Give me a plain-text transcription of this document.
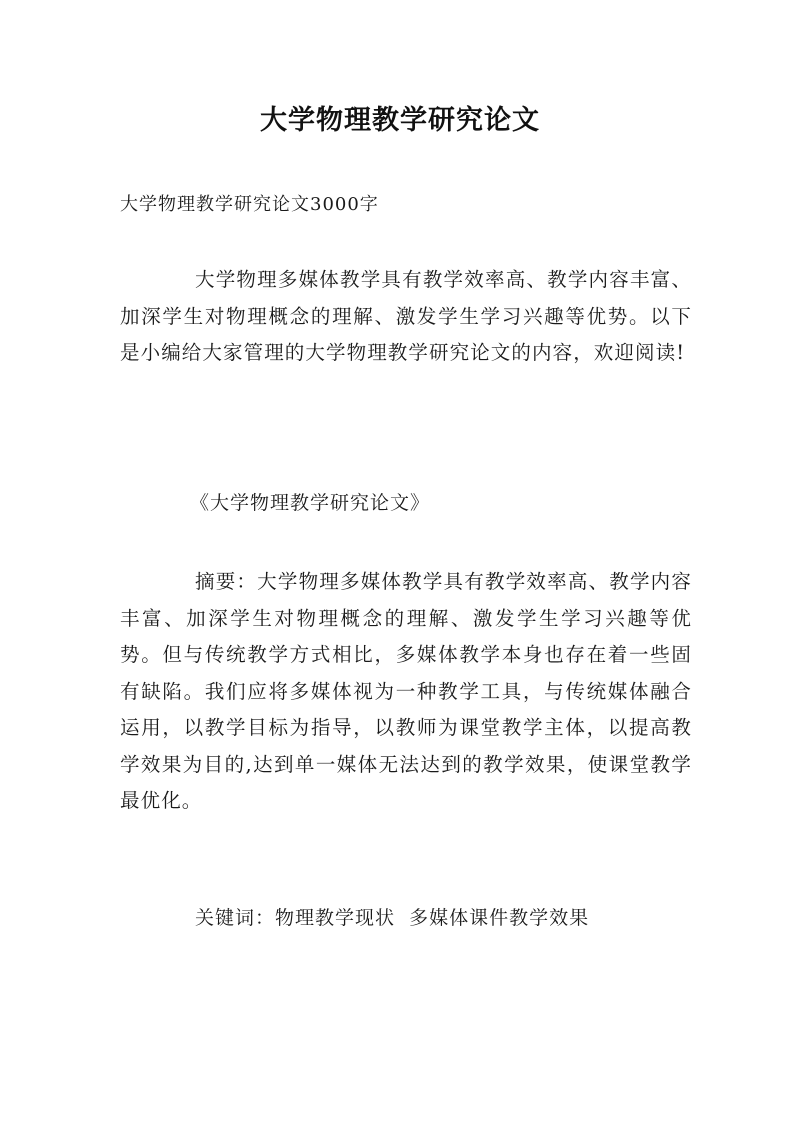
大学物理教学研究论文
大学物理教学研究论文3000字

大学物理多媒体教学具有教学效率高、教学内容丰富、加深学生对物理概念的理解、激发学生学习兴趣等优势。以下是小编给大家管理的大学物理教学研究论文的内容，欢迎阅读!

《大学物理教学研究论文》

摘要：大学物理多媒体教学具有教学效率高、教学内容丰富、加深学生对物理概念的理解、激发学生学习兴趣等优势。但与传统教学方式相比，多媒体教学本身也存在着一些固有缺陷。我们应将多媒体视为一种教学工具，与传统媒体融合运用，以教学目标为指导，以教师为课堂教学主体，以提高教学效果为目的,达到单一媒体无法达到的教学效果，使课堂教学最优化。

关键词：物理教学现状  多媒体课件教学效果
